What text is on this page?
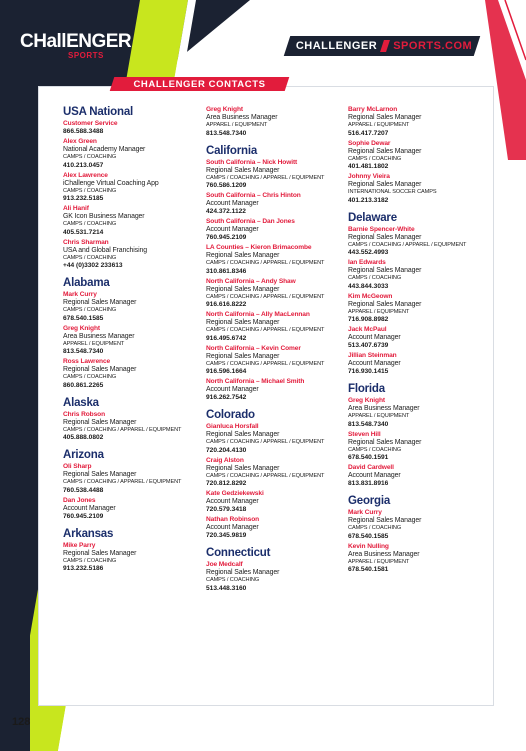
CHallENGER
SPORTS
CHALLENGER SPORTS.COM
CHALLENGER CONTACTS
USA National
Customer Service
866.588.3488
Alex Green
National Academy Manager
CAMPS / COACHING
410.213.0457
Alex Lawrence
iChallenge Virtual Coaching App
CAMPS / COACHING
913.232.5185
Ali Hanif
GK Icon Business Manager
CAMPS / COACHING
405.531.7214
Chris Sharman
USA and Global Franchising
CAMPS / COACHING
+44 (0)3302 233613
Alabama
Mark Curry
Regional Sales Manager
CAMPS / COACHING
678.540.1585
Greg Knight
Area Business Manager
APPAREL / EQUIPMENT
813.548.7340
Ross Lawrence
Regional Sales Manager
CAMPS / COACHING
860.861.2265
Alaska
Chris Robson
Regional Sales Manager
CAMPS / COACHING / APPAREL / EQUIPMENT
405.888.0802
Arizona
Oli Sharp
Regional Sales Manager
CAMPS / COACHING / APPAREL / EQUIPMENT
760.538.4488
Dan Jones
Account Manager
760.945.2109
Arkansas
Mike Parry
Regional Sales Manager
CAMPS / COACHING
913.232.5186
Greg Knight
Area Business Manager
APPAREL / EQUIPMENT
813.548.7340
California
South California – Nick Howitt
Regional Sales Manager
CAMPS / COACHING / APPAREL / EQUIPMENT
760.586.1209
South California – Chris Hinton
Account Manager
424.372.1122
South California – Dan Jones
Account Manager
760.945.2109
LA Counties – Kieron Brimacombe
Regional Sales Manager
CAMPS / COACHING / APPAREL / EQUIPMENT
310.861.8346
North California – Andy Shaw
Regional Sales Manager
CAMPS / COACHING / APPAREL / EQUIPMENT
916.616.8222
North California – Ally MacLennan
Regional Sales Manager
CAMPS / COACHING / APPAREL / EQUIPMENT
916.495.6742
North California – Kevin Comer
Regional Sales Manager
CAMPS / COACHING / APPAREL / EQUIPMENT
916.596.1664
North California – Michael Smith
Account Manager
916.262.7542
Colorado
Gianluca Horsfall
Regional Sales Manager
CAMPS / COACHING / APPAREL / EQUIPMENT
720.204.4130
Craig Alston
Regional Sales Manager
CAMPS / COACHING / APPAREL / EQUIPMENT
720.812.8292
Kate Gedziekewski
Account Manager
720.579.3418
Nathan Robinson
Account Manager
720.345.9819
Connecticut
Joe Medcalf
Regional Sales Manager
CAMPS / COACHING
513.448.3160
Barry McLarnon
Regional Sales Manager
APPAREL / EQUIPMENT
516.417.7207
Sophie Dewar
Regional Sales Manager
CAMPS / COACHING
401.481.1802
Johnny Vieira
Regional Sales Manager
INTERNATIONAL SOCCER CAMPS
401.213.3182
Delaware
Barnie Spencer-White
Regional Sales Manager
CAMPS / COACHING / APPAREL / EQUIPMENT
443.552.4993
Ian Edwards
Regional Sales Manager
CAMPS / COACHING
443.844.3033
Kim McGeown
Regional Sales Manager
APPAREL / EQUIPMENT
716.908.8982
Jack McPaul
Account Manager
513.407.6739
Jillian Steinman
Account Manager
716.930.1415
Florida
Greg Knight
Area Business Manager
APPAREL / EQUIPMENT
813.548.7340
Steven Hill
Regional Sales Manager
CAMPS / COACHING
678.540.1591
David Cardwell
Account Manager
813.831.8916
Georgia
Mark Curry
Regional Sales Manager
CAMPS / COACHING
678.540.1585
Kevin Nulling
Area Business Manager
APPAREL / EQUIPMENT
678.540.1581
128
